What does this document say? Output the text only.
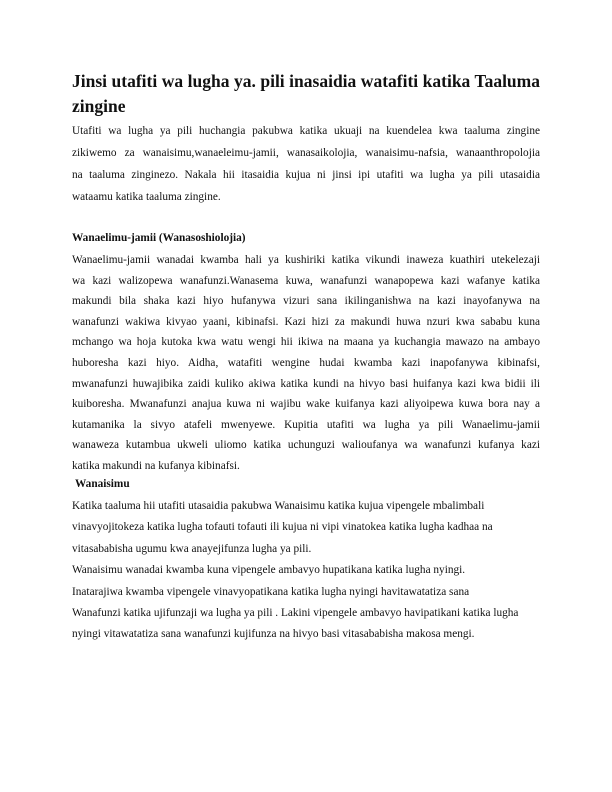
Jinsi utafiti wa lugha ya. pili inasaidia watafiti katika Taaluma
zingine
Utafiti wa lugha ya pili huchangia pakubwa katika ukuaji na kuendelea kwa taaluma zingine
zikiwemo za wanaisimu,wanaeleimu-jamii, wanasaikolojia, wanaisimu-nafsia, wanaanthropolojia
na taaluma zinginezo. Nakala hii itasaidia kujua ni jinsi ipi utafiti wa lugha ya pili utasaidia
wataamu katika taaluma zingine.
Wanaelimu-jamii (Wanasoshiolojia)
Wanaelimu-jamii wanadai kwamba hali ya kushiriki katika vikundi inaweza kuathiri utekelezaji
wa kazi walizopewa wanafunzi.Wanasema kuwa, wanafunzi wanapopewa kazi wafanye katika
makundi bila shaka kazi hiyo hufanywa vizuri sana ikilinganishwa na kazi inayofanywa na
wanafunzi wakiwa kivyao yaani, kibinafsi. Kazi hizi za makundi huwa nzuri kwa sababu kuna
mchango wa hoja kutoka kwa watu wengi hii ikiwa na maana ya kuchangia mawazo na ambayo
huboresha kazi hiyo. Aidha, watafiti wengine hudai kwamba kazi inapofanywa kibinafsi,
mwanafunzi huwajibika zaidi kuliko akiwa katika kundi na hivyo basi huifanya kazi kwa bidii ili
kuiboresha. Mwanafunzi anajua kuwa ni wajibu wake kuifanya kazi aliyoipewa kuwa bora nay a
kutamanika la sivyo atafeli mwenyewe. Kupitia utafiti wa lugha ya pili Wanaelimu-jamii
wanaweza kutambua ukweli uliomo katika uchunguzi walioufanya wa wanafunzi kufanya kazi
katika makundi na kufanya kibinafsi.
Wanaisimu
Katika taaluma hii utafiti utasaidia pakubwa Wanaisimu katika kujua vipengele mbalimbali
vinavyojitokeza katika lugha tofauti tofauti ili kujua ni vipi vinatokea katika lugha kadhaa na
vitasababisha ugumu kwa anayejifunza lugha ya pili.
Wanaisimu wanadai kwamba kuna vipengele ambavyo hupatikana katika lugha nyingi.
Inatarajiwa kwamba vipengele vinavyopatikana katika lugha nyingi havitawatatiza sana
Wanafunzi katika ujifunzaji wa lugha ya pili . Lakini vipengele ambavyo havipatikani katika lugha
nyingi vitawatatiza sana wanafunzi kujifunza na hivyo basi vitasababisha makosa mengi.
